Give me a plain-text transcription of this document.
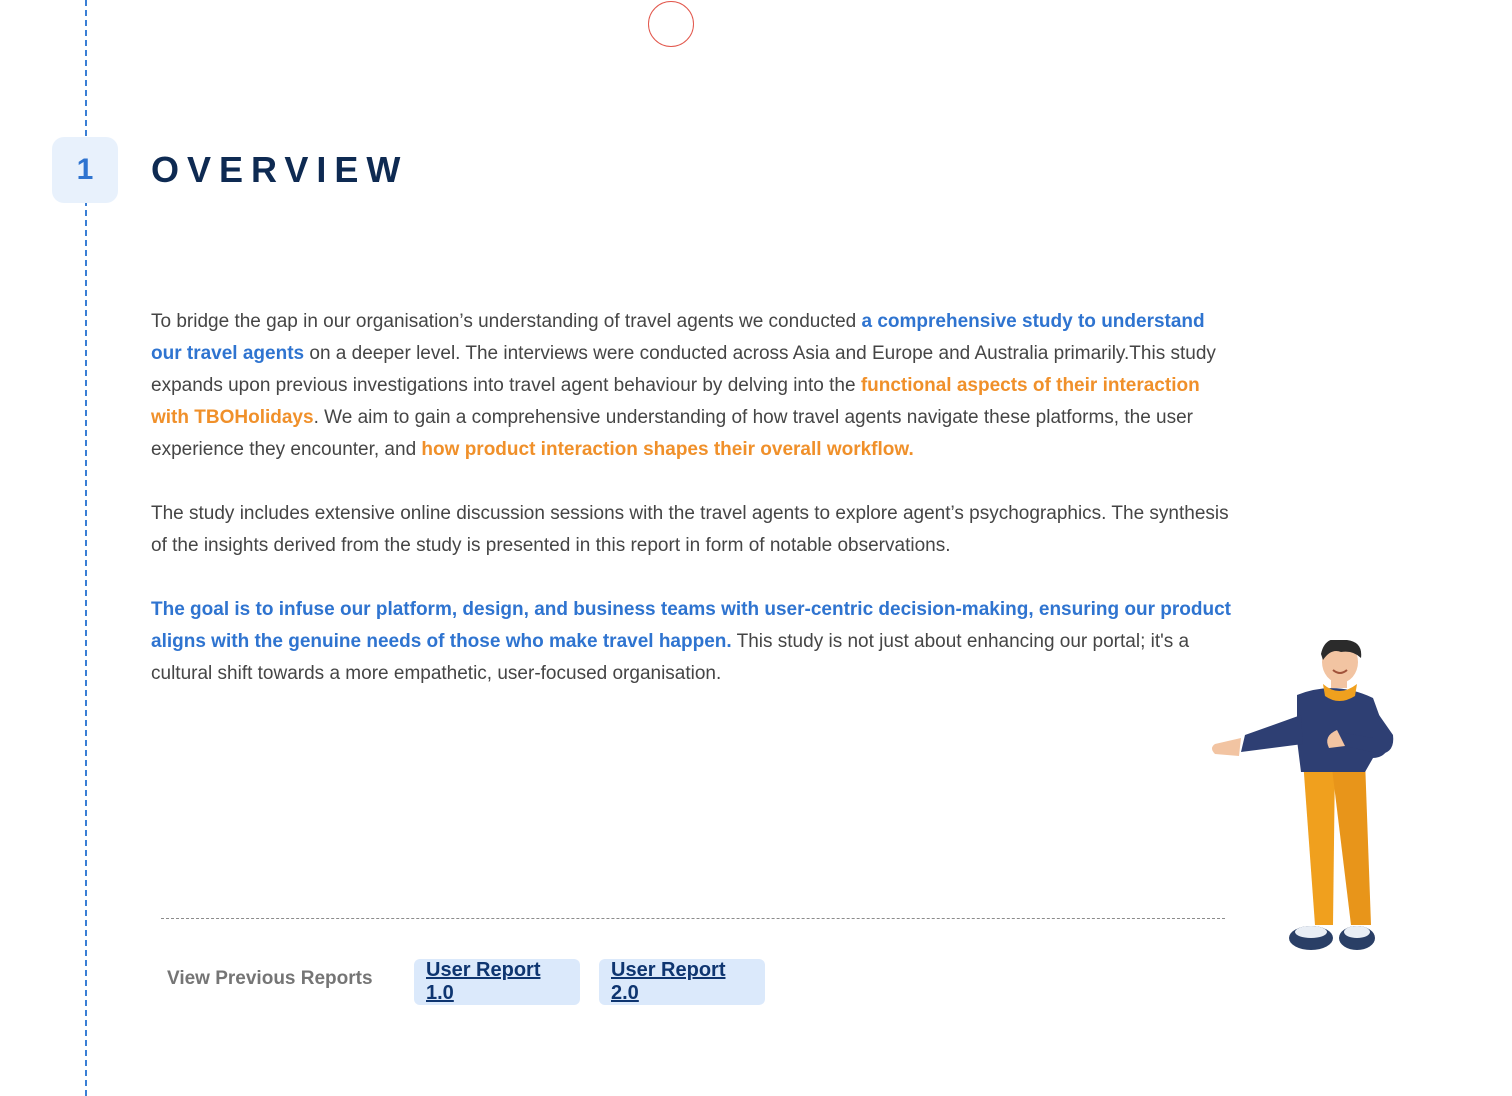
1 OVERVIEW

To bridge the gap in our organisation’s understanding of travel agents we conducted a comprehensive study to understand our travel agents on a deeper level. The interviews were conducted across Asia and Europe and Australia primarily.This study expands upon previous investigations into travel agent behaviour by delving into the functional aspects of their interaction with TBOHolidays. We aim to gain a comprehensive understanding of how travel agents navigate these platforms, the user experience they encounter, and how product interaction shapes their overall workflow.

The study includes extensive online discussion sessions with the travel agents to explore agent’s psychographics. The synthesis of the insights derived from the study is presented in this report in form of notable observations.

The goal is to infuse our platform, design, and business teams with user-centric decision-making, ensuring our product aligns with the genuine needs of those who make travel happen. This study is not just about enhancing our portal; it's a cultural shift towards a more empathetic, user-focused organisation.

View Previous Reports	User Report 1.0
User Report 2.0
